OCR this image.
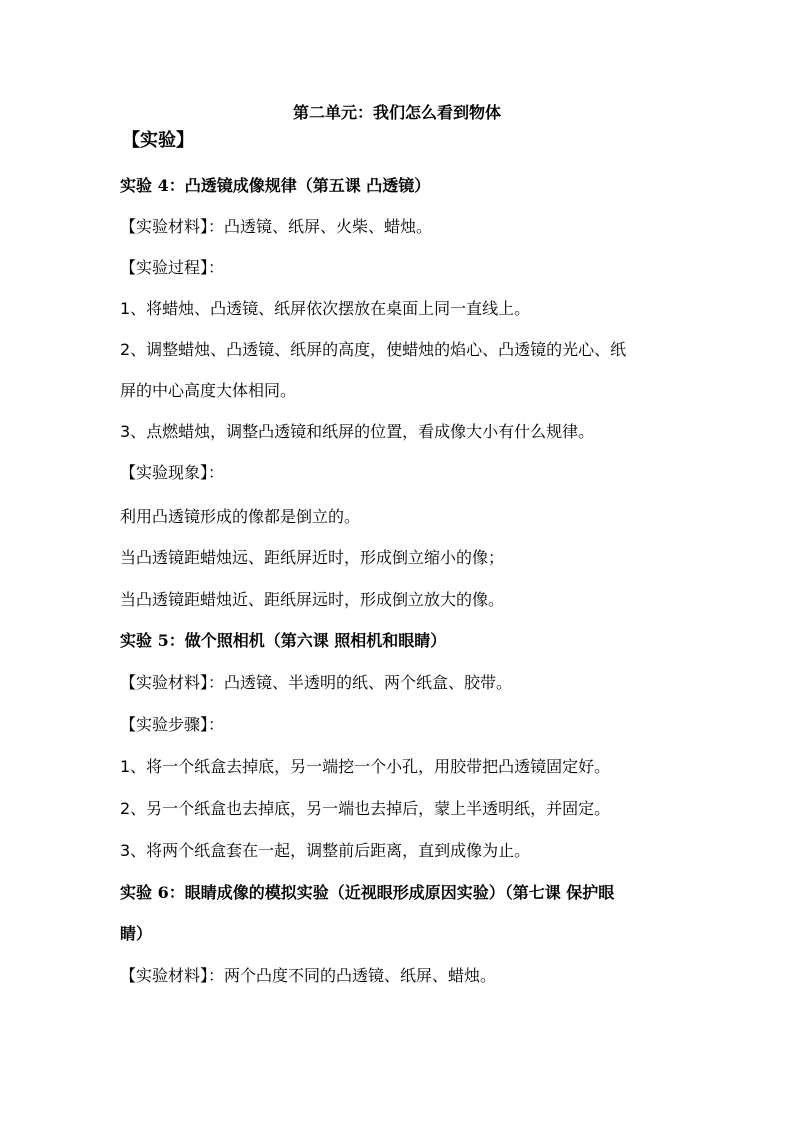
第二单元：我们怎么看到物体
【实验】
实验 4：凸透镜成像规律（第五课 凸透镜）
【实验材料】：凸透镜、纸屏、火柴、蜡烛。
【实验过程】：
1、将蜡烛、凸透镜、纸屏依次摆放在桌面上同一直线上。
2、调整蜡烛、凸透镜、纸屏的高度，使蜡烛的焰心、凸透镜的光心、纸
屏的中心高度大体相同。
3、点燃蜡烛，调整凸透镜和纸屏的位置，看成像大小有什么规律。
【实验现象】：
利用凸透镜形成的像都是倒立的。
当凸透镜距蜡烛远、距纸屏近时，形成倒立缩小的像；
当凸透镜距蜡烛近、距纸屏远时，形成倒立放大的像。
实验 5：做个照相机（第六课 照相机和眼睛）
【实验材料】：凸透镜、半透明的纸、两个纸盒、胶带。
【实验步骤】：
1、将一个纸盒去掉底，另一端挖一个小孔，用胶带把凸透镜固定好。
2、另一个纸盒也去掉底，另一端也去掉后，蒙上半透明纸，并固定。
3、将两个纸盒套在一起，调整前后距离，直到成像为止。
实验 6：眼睛成像的模拟实验（近视眼形成原因实验）（第七课 保护眼
睛）
【实验材料】：两个凸度不同的凸透镜、纸屏、蜡烛。
